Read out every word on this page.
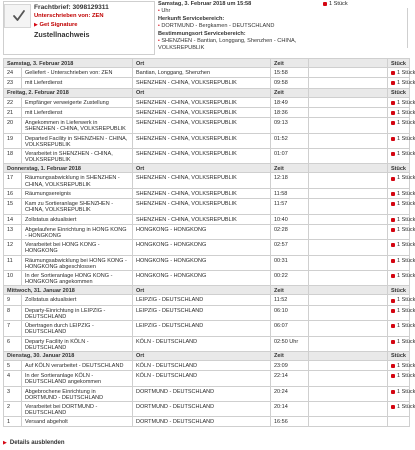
Frachtbrief: 3098129311
Unterschrieben von: ZEN
▶ Get Signature
Zustellnachweis
Samstag, 3. Februar 2018 um 15:58
• Uhr
Herkunft Servicebereich:
• DORTMUND - Bergkamen - DEUTSCHLAND
Bestimmungsort Servicebereich:
• SHENZHEN - Bantian, Longgang, Shenzhen - CHINA, VOLKSREPUBLIK
1 Stück
Samstag, 3. Februar 2018		Ort	Zeit		Stück
24	Geliefert - Unterschrieben von: ZEN	Bantian, Longgang, Shenzhen	15:58		1 Stück

23	mit Lieferdienst	SHENZHEN - CHINA, VOLKSREPUBLIK	09:58		1 Stück

Freitag, 2. Februar 2018		Ort	Zeit		Stück
22	Empfänger verweigerte Zustellung	SHENZHEN - CHINA, VOLKSREPUBLIK	18:49		1 Stück

21	mit Lieferdienst	SHENZHEN - CHINA, VOLKSREPUBLIK	18:36		1 Stück

20	Angekommen in Lieferwerk in SHENZHEN - CHINA, VOLKSREPUBLIK	SHENZHEN - CHINA, VOLKSREPUBLIK	09:13		1 Stück

19	Departed Facility in SHENZHEN - CHINA, VOLKSREPUBLIK	SHENZHEN - CHINA, VOLKSREPUBLIK	01:52		1 Stück

18	Verarbeitet in SHENZHEN - CHINA, VOLKSREPUBLIK	SHENZHEN - CHINA, VOLKSREPUBLIK	01:07		1 Stück

Donnerstag, 1. Februar 2018		Ort	Zeit		Stück
17	Räumungsabwicklung in SHENZHEN - CHINA, VOLKSREPUBLIK	SHENZHEN - CHINA, VOLKSREPUBLIK	12:18		1 Stück

16	Räumungsereignis	SHENZHEN - CHINA, VOLKSREPUBLIK	11:58		1 Stück

15	Kam zu Sortieranlage SHENZHEN - CHINA, VOLKSREPUBLIK	SHENZHEN - CHINA, VOLKSREPUBLIK	11:57		1 Stück

14	Zollstatus aktualisiert	SHENZHEN - CHINA, VOLKSREPUBLIK	10:40		1 Stück

13	Abgelaufene Einrichtung in HONG KONG - HONGKONG	HONGKONG - HONGKONG	02:28		1 Stück

12	Verarbeitet bei HONG KONG - HONGKONG	HONGKONG - HONGKONG	02:57		1 Stück

11	Räumungsabwicklung bei HONG KONG - HONGKONG abgeschlossen	HONGKONG - HONGKONG	00:31		1 Stück

10	In der Sortieranlage HONG KONG - HONGKONG angekommen	HONGKONG - HONGKONG	00:22		1 Stück

Mittwoch, 31. Januar 2018		Ort	Zeit		Stück
9	Zollstatus aktualisiert	LEIPZIG - DEUTSCHLAND	11:52		1 Stück

8	Departy-Einrichtung in LEIPZIG - DEUTSCHLAND	LEIPZIG - DEUTSCHLAND	06:10		1 Stück

7	Übertragen durch LEIPZIG - DEUTSCHLAND	LEIPZIG - DEUTSCHLAND	06:07		1 Stück

6	Departy Facility in KÖLN - DEUTSCHLAND	KÖLN - DEUTSCHLAND	02:50 Uhr		1 Stück

Dienstag, 30. Januar 2018		Ort	Zeit		Stück
5	Auf KÖLN verarbeitet - DEUTSCHLAND	KÖLN - DEUTSCHLAND	23:09		1 Stück

4	In der Sortieranlage KÖLN - DEUTSCHLAND angekommen	KÖLN - DEUTSCHLAND	22:14		1 Stück

3	Abgebrochene Einrichtung in DORTMUND - DEUTSCHLAND	DORTMUND - DEUTSCHLAND	20:24		1 Stück

2	Verarbeitet bei DORTMUND - DEUTSCHLAND	DORTMUND - DEUTSCHLAND	20:14		1 Stück

1	Versand abgeholt	DORTMUND - DEUTSCHLAND	16:56		
▶ Details ausblenden
